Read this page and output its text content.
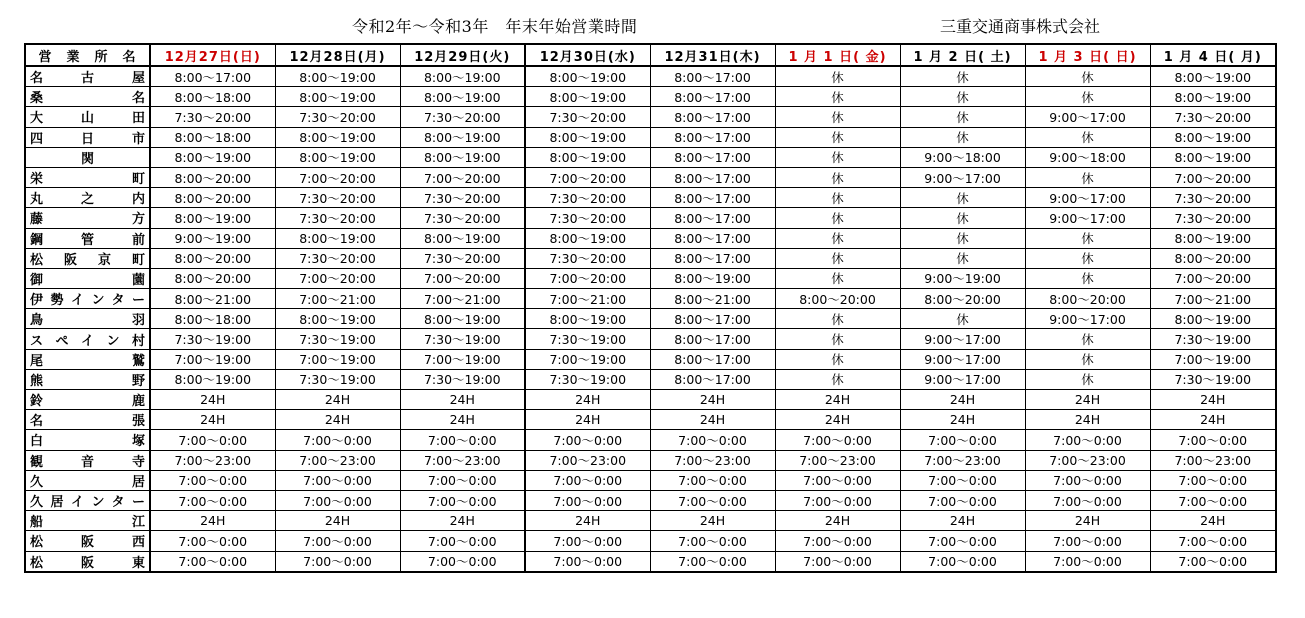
令和2年～令和3年　年末年始営業時間	三重交通商事株式会社
営　業　所　名	12月27日(日)	12月28日(月)	12月29日(火)	12月30日(水)	12月31日(木)	1 月 1 日( 金)	1 月 2 日( 土)	1 月 3 日( 日)	1 月 4 日( 月)
名古屋	8:00～17:00	8:00～19:00	8:00～19:00	8:00～19:00	8:00～17:00	休	休	休	8:00～19:00
桑名	8:00～18:00	8:00～19:00	8:00～19:00	8:00～19:00	8:00～17:00	休	休	休	8:00～19:00
大山田	7:30～20:00	7:30～20:00	7:30～20:00	7:30～20:00	8:00～17:00	休	休	9:00～17:00	7:30～20:00
四日市	8:00～18:00	8:00～19:00	8:00～19:00	8:00～19:00	8:00～17:00	休	休	休	8:00～19:00
関	8:00～19:00	8:00～19:00	8:00～19:00	8:00～19:00	8:00～17:00	休	9:00～18:00	9:00～18:00	8:00～19:00
栄町	8:00～20:00	7:00～20:00	7:00～20:00	7:00～20:00	8:00～17:00	休	9:00～17:00	休	7:00～20:00
丸之内	8:00～20:00	7:30～20:00	7:30～20:00	7:30～20:00	8:00～17:00	休	休	9:00～17:00	7:30～20:00
藤方	8:00～19:00	7:30～20:00	7:30～20:00	7:30～20:00	8:00～17:00	休	休	9:00～17:00	7:30～20:00
鋼管前	9:00～19:00	8:00～19:00	8:00～19:00	8:00～19:00	8:00～17:00	休	休	休	8:00～19:00
松阪京町	8:00～20:00	7:30～20:00	7:30～20:00	7:30～20:00	8:00～17:00	休	休	休	8:00～20:00
御薗	8:00～20:00	7:00～20:00	7:00～20:00	7:00～20:00	8:00～19:00	休	9:00～19:00	休	7:00～20:00
伊勢インター	8:00～21:00	7:00～21:00	7:00～21:00	7:00～21:00	8:00～21:00	8:00～20:00	8:00～20:00	8:00～20:00	7:00～21:00
鳥羽	8:00～18:00	8:00～19:00	8:00～19:00	8:00～19:00	8:00～17:00	休	休	9:00～17:00	8:00～19:00
スペイン村	7:30～19:00	7:30～19:00	7:30～19:00	7:30～19:00	8:00～17:00	休	9:00～17:00	休	7:30～19:00
尾鷲	7:00～19:00	7:00～19:00	7:00～19:00	7:00～19:00	8:00～17:00	休	9:00～17:00	休	7:00～19:00
熊野	8:00～19:00	7:30～19:00	7:30～19:00	7:30～19:00	8:00～17:00	休	9:00～17:00	休	7:30～19:00
鈴鹿	24H	24H	24H	24H	24H	24H	24H	24H	24H
名張	24H	24H	24H	24H	24H	24H	24H	24H	24H
白塚	7:00～0:00	7:00～0:00	7:00～0:00	7:00～0:00	7:00～0:00	7:00～0:00	7:00～0:00	7:00～0:00	7:00～0:00
観音寺	7:00～23:00	7:00～23:00	7:00～23:00	7:00～23:00	7:00～23:00	7:00～23:00	7:00～23:00	7:00～23:00	7:00～23:00
久居	7:00～0:00	7:00～0:00	7:00～0:00	7:00～0:00	7:00～0:00	7:00～0:00	7:00～0:00	7:00～0:00	7:00～0:00
久居インター	7:00～0:00	7:00～0:00	7:00～0:00	7:00～0:00	7:00～0:00	7:00～0:00	7:00～0:00	7:00～0:00	7:00～0:00
船江	24H	24H	24H	24H	24H	24H	24H	24H	24H
松阪西	7:00～0:00	7:00～0:00	7:00～0:00	7:00～0:00	7:00～0:00	7:00～0:00	7:00～0:00	7:00～0:00	7:00～0:00
松阪東	7:00～0:00	7:00～0:00	7:00～0:00	7:00～0:00	7:00～0:00	7:00～0:00	7:00～0:00	7:00～0:00	7:00～0:00
